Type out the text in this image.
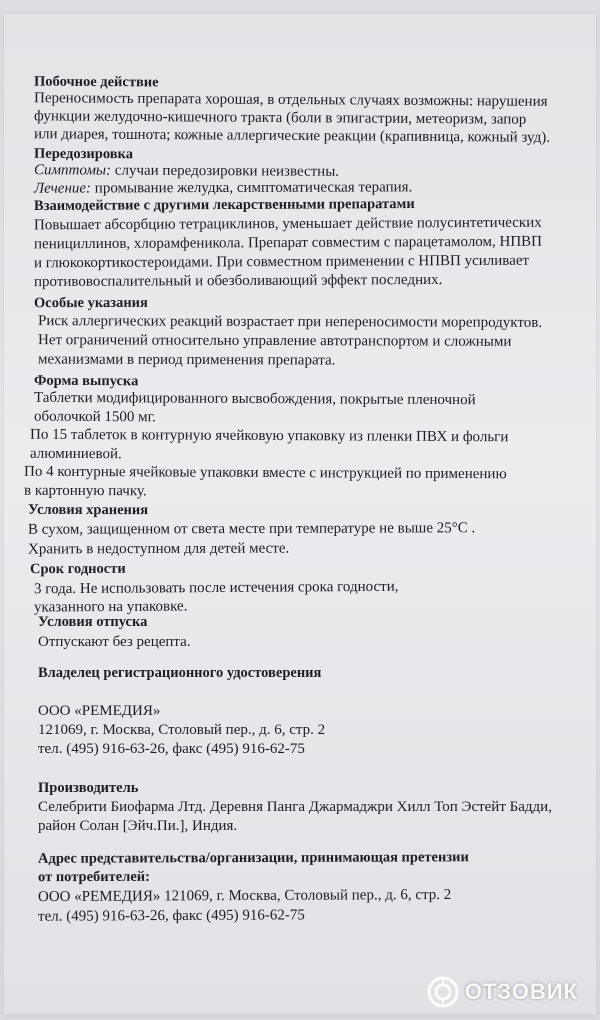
Побочное действие
Переносимость препарата хорошая, в отдельных случаях возможны: нарушения
функции желудочно-кишечного тракта (боли в эпигастрии, метеоризм, запор
или диарея, тошнота; кожные аллергические реакции (крапивница, кожный зуд).
Передозировка
Симптомы: случаи передозировки неизвестны.
Лечение: промывание желудка, симптоматическая терапия.
Взаимодействие с другими лекарственными препаратами
Повышает абсорбцию тетрациклинов, уменьшает действие полусинтетических
пенициллинов, хлорамфеникола. Препарат совместим с парацетамолом, НПВП
и глюкокортикостероидами. При совместном применении с НПВП усиливает
противовоспалительный и обезболивающий эффект последних.
Особые указания
Риск аллергических реакций возрастает при непереносимости морепродуктов.
Нет ограничений относительно управление автотранспортом и сложными
механизмами в период применения препарата.
Форма выпуска
Таблетки модифицированного высвобождения, покрытые пленочной
оболочкой 1500 мг.
По 15 таблеток в контурную ячейковую упаковку из пленки ПВХ и фольги
алюминиевой.
По 4 контурные ячейковые упаковки вместе с инструкцией по применению
в картонную пачку.
Условия хранения
В сухом, защищенном от света месте при температуре не выше 25°С .
Хранить в недоступном для детей месте.
Срок годности
3 года. Не использовать после истечения срока годности,
указанного на упаковке.
Условия отпуска
Отпускают без рецепта.
Владелец регистрационного удостоверения
ООО «РЕМЕДИЯ»
121069, г. Москва, Столовый пер., д. 6, стр. 2
тел. (495) 916-63-26, факс (495) 916-62-75
Производитель
Селебрити Биофарма Лтд. Деревня Панга Джармаджри Хилл Топ Эстейт Бадди,
район Солан [Эйч.Пи.], Индия.
Адрес представительства/организации, принимающая претензии
от потребителей:
ООО «РЕМЕДИЯ» 121069, г. Москва, Столовый пер., д. 6, стр. 2
тел. (495) 916-63-26, факс (495) 916-62-75
ОТЗОВИК
